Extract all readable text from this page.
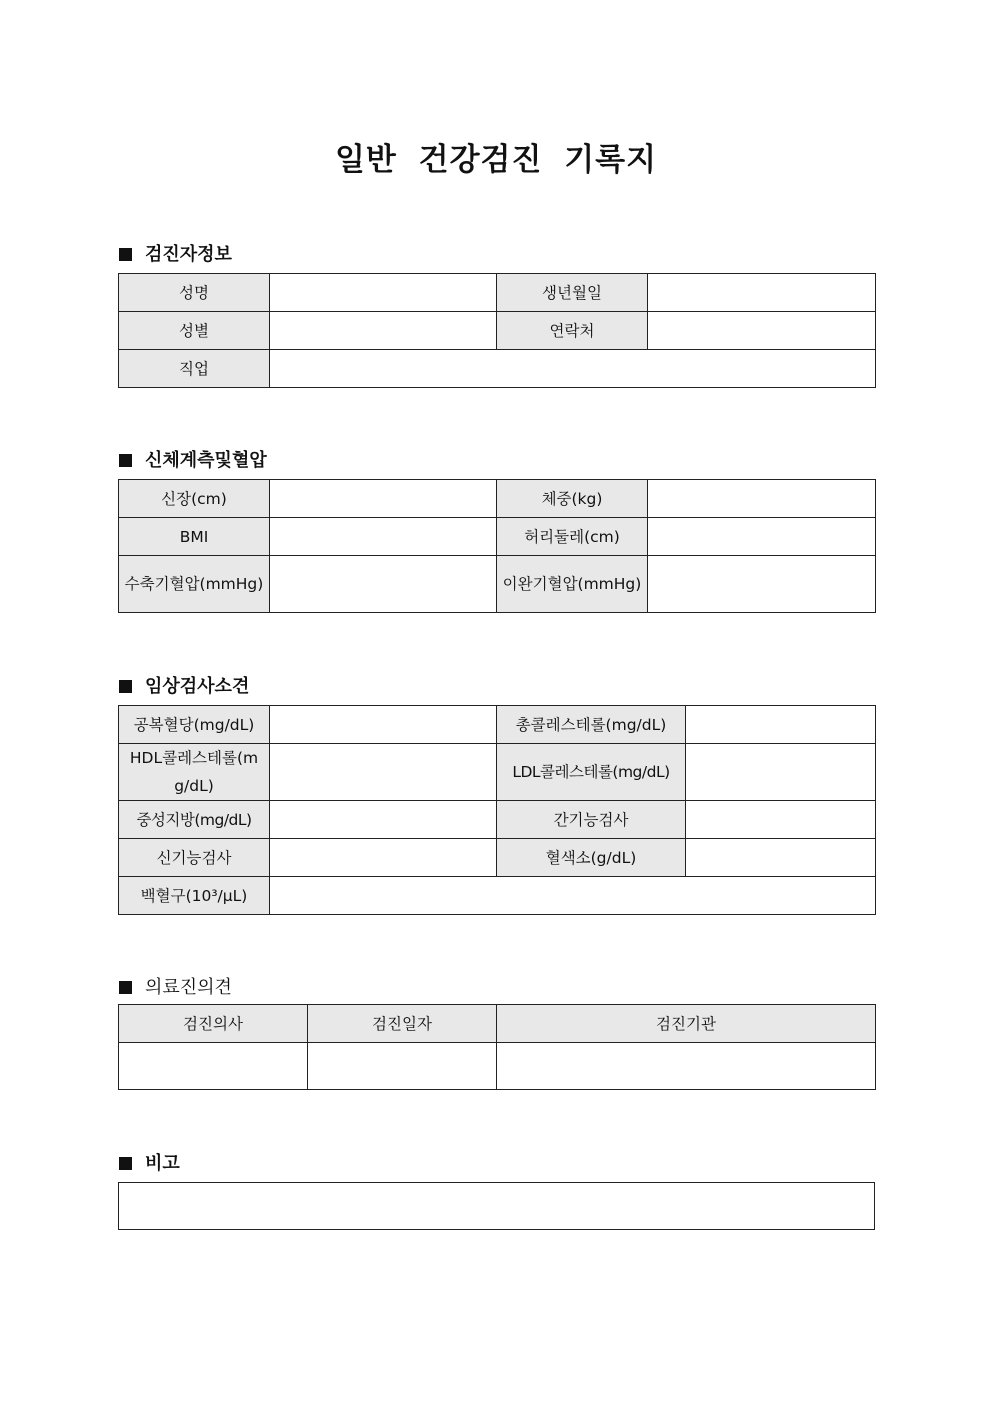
일반 건강검진 기록지
검진자정보
성명		생년월일	
성별		연락처	
직업			
신체계측및혈압
신장(cm)		체중(kg)	
BMI		허리둘레(cm)	
수축기혈압(mmHg)		이완기혈압(mmHg)	
임상검사소견
공복혈당(mg/dL)		총콜레스테롤(mg/dL)	
HDL콜레스테롤(mg/dL)		LDL콜레스테롤(mg/dL)	
중성지방(mg/dL)		간기능검사	
신기능검사		혈색소(g/dL)	
백혈구(10³/μL)			
의료진의견
검진의사	검진일자	검진기관

비고
